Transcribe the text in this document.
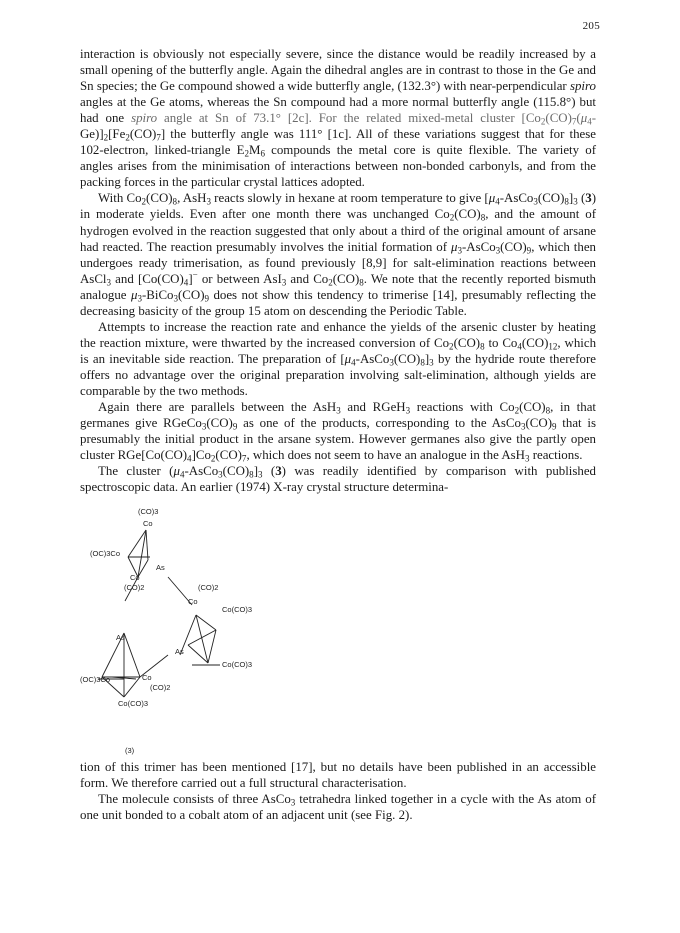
205

interaction is obviously not especially severe, since the distance would be readily increased by a small opening of the butterfly angle. Again the dihedral angles are in contrast to those in the Ge and Sn species; the Ge compound showed a wide butterfly angle, (132.3°) with near-perpendicular spiro angles at the Ge atoms, whereas the Sn compound had a more normal butterfly angle (115.8°) but had one spiro angle at Sn of 73.1° [2c]. For the related mixed-metal cluster [$Co_2(CO)_7(\mu_4-$ $Ge)]_2[Fe_2(CO)_7]$ the butterfly angle was 111° [1c]. All of these variations suggest that for these 102-electron, linked-triangle $E_2M_6$ compounds the metal core is quite flexible. The variety of angles arises from the minimisation of interactions between non-bonded carbonyls, and from the packing forces in the particular crystal lattices adopted.

With $Co_2(CO)_8$, AsH$_3$ reacts slowly in hexane at room temperature to give $[\mu_4-AsCo_3(CO)_8]_3$ (3) in moderate yields. Even after one month there was unchanged $Co_2(CO)_8$, and the amount of hydrogen evolved in the reaction suggested that only about a third of the original amount of arsane had reacted. The reaction presumably involves the initial formation of $\mu_3-AsCo_3(CO)_9$, which then undergoes ready trimerisation, as found previously [8,9] for salt-elimination reactions between AsCl$_3$ and $[Co(CO)_4]^-$ or between AsI$_3$ and $Co_2(CO)_8$. We note that the recently reported bismuth analogue $\mu_3-BiCo_3(CO)_9$ does not show this tendency to trimerise [14], presumably reflecting the decreasing basicity of the group 15 atom on descending the Periodic Table.

Attempts to increase the reaction rate and enhance the yields of the arsenic cluster by heating the reaction mixture, were thwarted by the increased conversion of $Co_2(CO)_8$ to $Co_4(CO)_{12}$, which is an inevitable side reaction. The preparation of $[\mu_4-AsCo_3(CO)_8]_3$ by the hydride route therefore offers no advantage over the original preparation involving salt-elimination, although yields are comparable by the two methods.

Again there are parallels between the AsH$_3$ and RGeH$_3$ reactions with $Co_2(CO)_8$, in that germanes give $RGeCo_3(CO)_9$ as one of the products, corresponding to the $AsCo_3(CO)_9$ that is presumably the initial product in the arsane system. However germanes also give the partly open cluster $RGe[Co(CO)_4]Co_2(CO)_7$, which does not seem to have an analogue in the AsH$_3$ reactions.

The cluster $(\mu_4-AsCo_3(CO)_8]_3$ (3) was readily identified by comparison with published spectroscopic data. An earlier (1974) X-ray crystal structure determina-

(CO)3
Co
(OC)3Co
As
Co
(CO)2	(CO)2
Co
Co(CO)3
As
As
Co(CO)3
(OC)3Co	Co
(CO)2
Co(CO)3
(3)

tion of this trimer has been mentioned [17], but no details have been published in an accessible form. We therefore carried out a full structural characterisation.

The molecule consists of three AsCo$_3$ tetrahedra linked together in a cycle with the As atom of one unit bonded to a cobalt atom of an adjacent unit (see Fig. 2).
